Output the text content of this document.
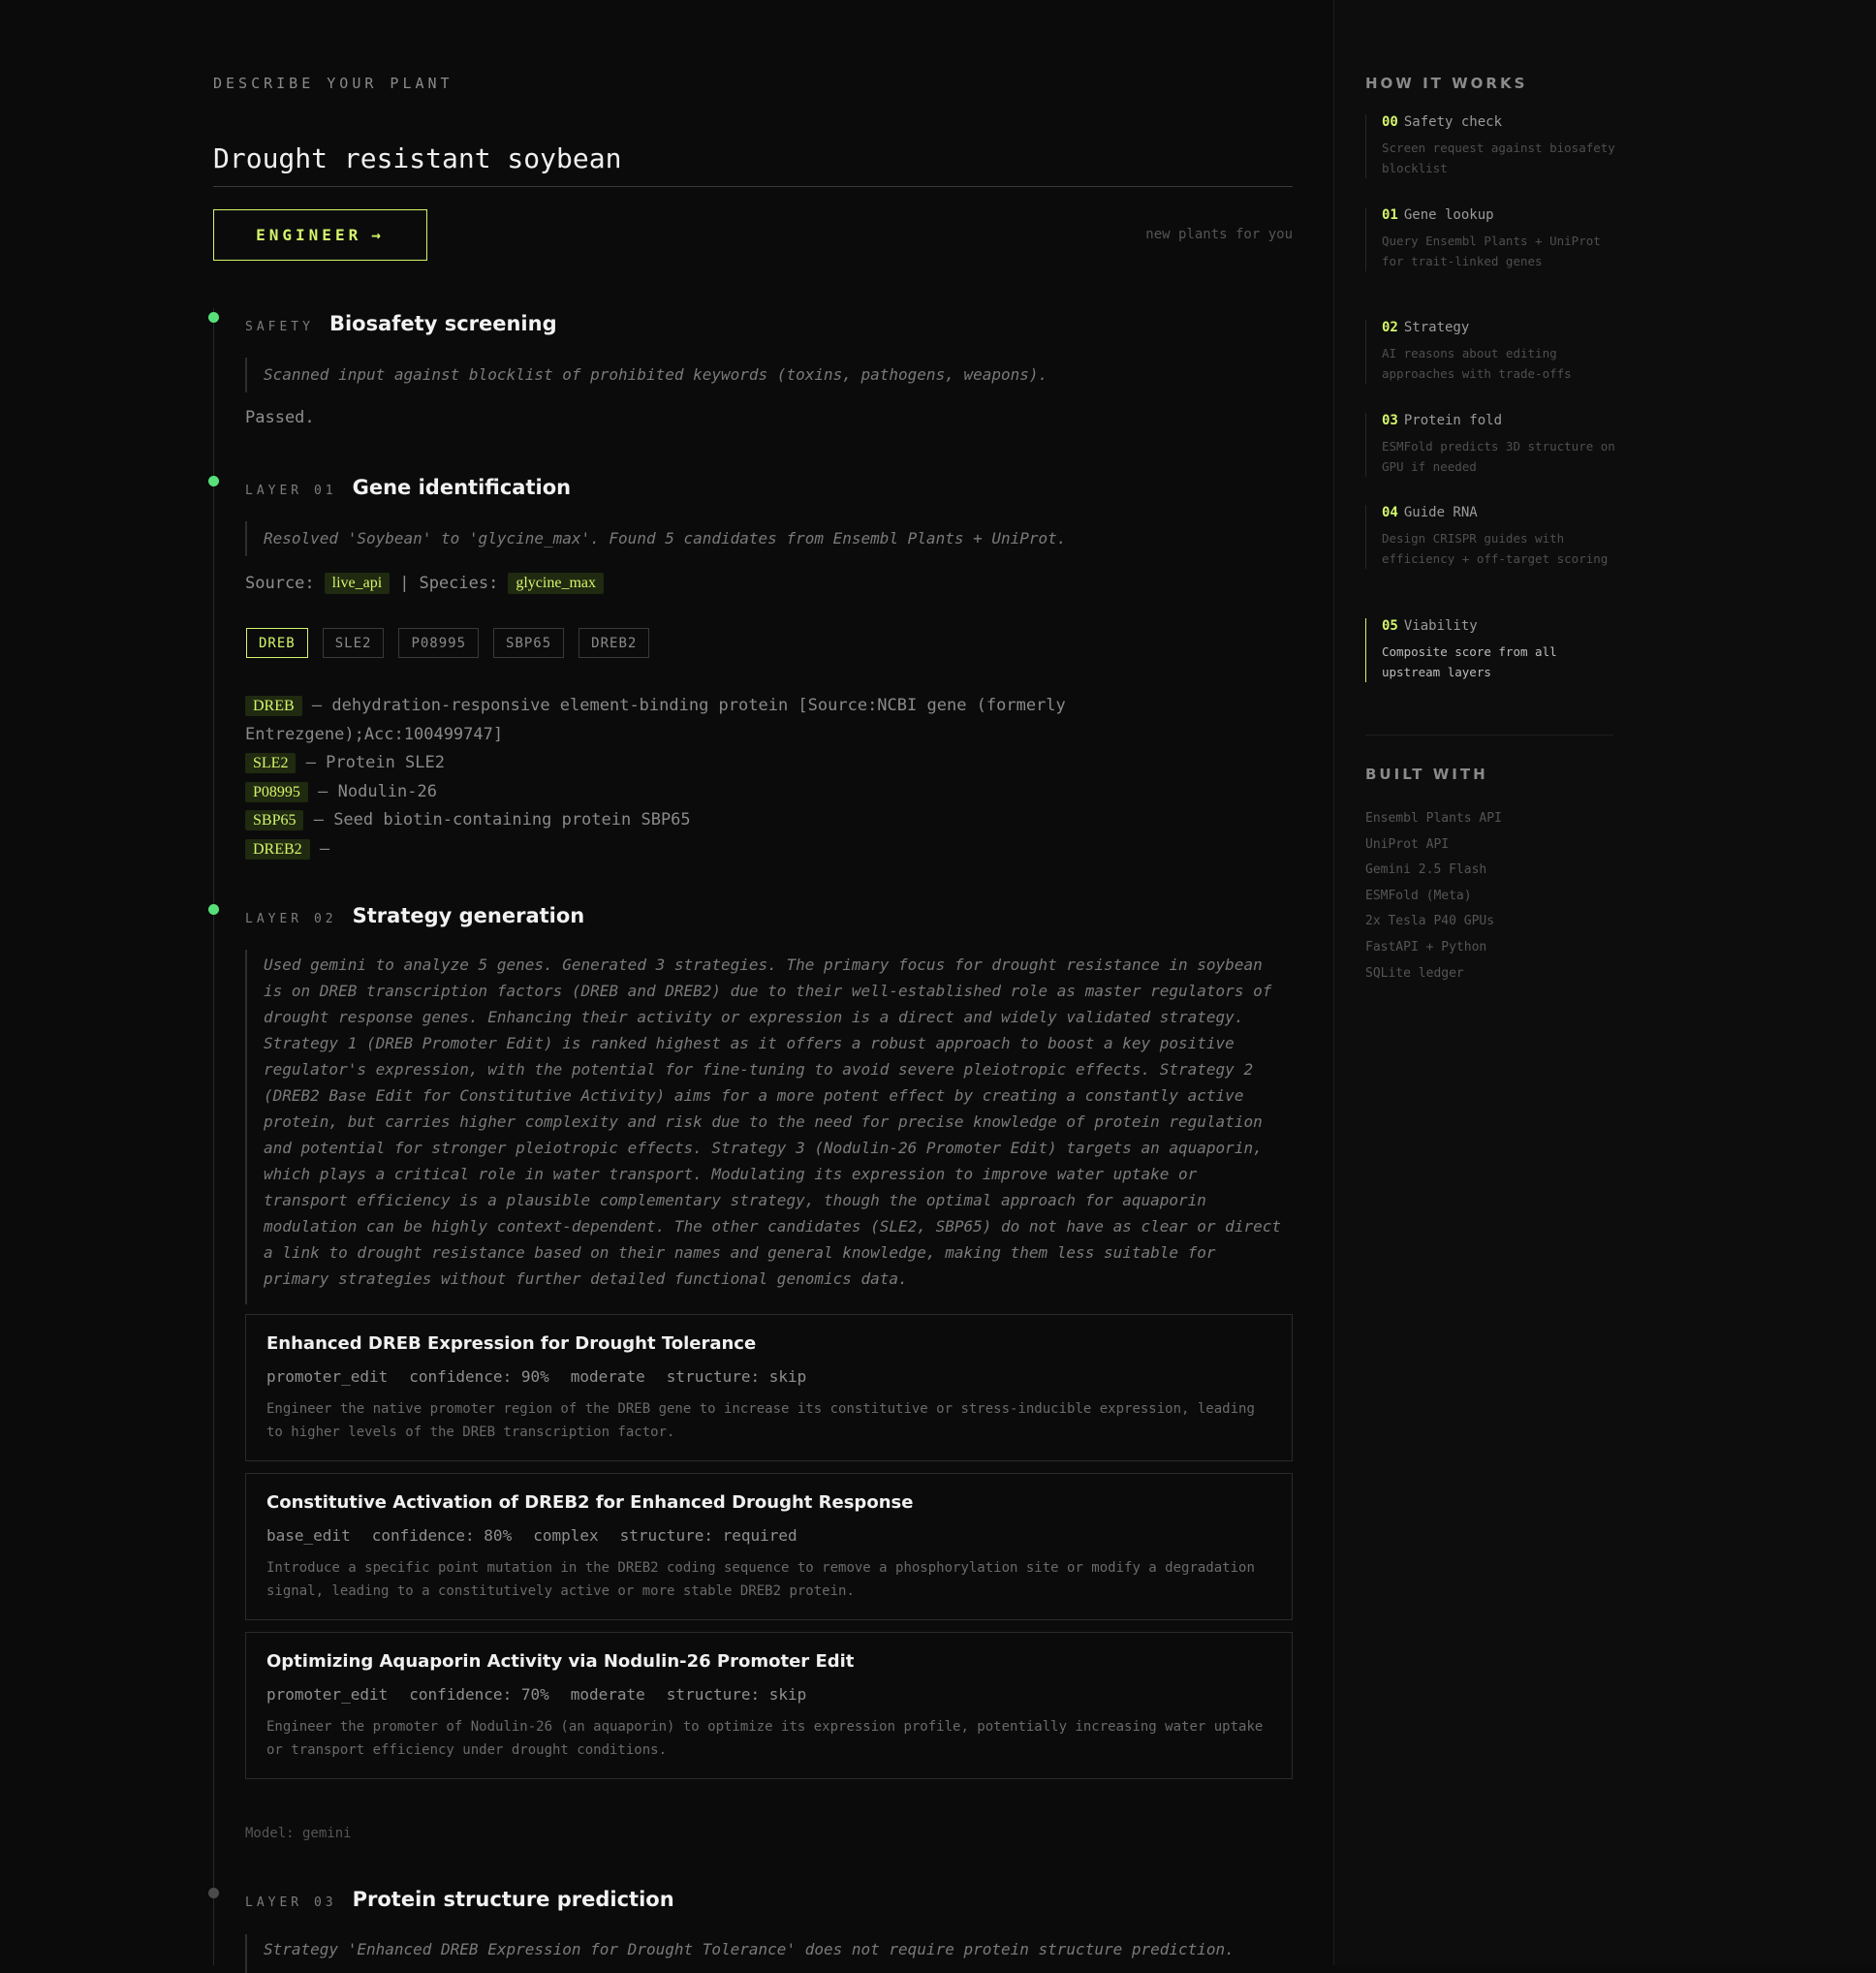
DESCRIBE YOUR PLANT
Drought resistant soybean
ENGINEER →	new plants for you
SAFETY Biosafety screening
Scanned input against blocklist of prohibited keywords (toxins, pathogens, weapons).
Passed.
LAYER 01 Gene identification
Resolved 'Soybean' to 'glycine_max'. Found 5 candidates from Ensembl Plants + UniProt.
Source:	live_api	| Species:	glycine_max
DREB	SLE2	P08995	SBP65	DREB2
DREB — dehydration-responsive element-binding protein [Source:NCBI gene (formerly Entrezgene);Acc:100499747]
SLE2 — Protein SLE2
P08995 — Nodulin-26
SBP65 — Seed biotin-containing protein SBP65
DREB2 —
LAYER 02 Strategy generation
Used gemini to analyze 5 genes. Generated 3 strategies. The primary focus for drought resistance in soybean is on DREB transcription factors (DREB and DREB2) due to their well-established role as master regulators of drought response genes. Enhancing their activity or expression is a direct and widely validated strategy. Strategy 1 (DREB Promoter Edit) is ranked highest as it offers a robust approach to boost a key positive regulator's expression, with the potential for fine-tuning to avoid severe pleiotropic effects. Strategy 2 (DREB2 Base Edit for Constitutive Activity) aims for a more potent effect by creating a constantly active protein, but carries higher complexity and risk due to the need for precise knowledge of protein regulation and potential for stronger pleiotropic effects. Strategy 3 (Nodulin-26 Promoter Edit) targets an aquaporin, which plays a critical role in water transport. Modulating its expression to improve water uptake or transport efficiency is a plausible complementary strategy, though the optimal approach for aquaporin modulation can be highly context-dependent. The other candidates (SLE2, SBP65) do not have as clear or direct a link to drought resistance based on their names and general knowledge, making them less suitable for primary strategies without further detailed functional genomics data.
Enhanced DREB Expression for Drought Tolerance
promoter_edit confidence: 90% moderate structure: skip
Engineer the native promoter region of the DREB gene to increase its constitutive or stress-inducible expression, leading to higher levels of the DREB transcription factor.
Constitutive Activation of DREB2 for Enhanced Drought Response
base_edit confidence: 80% complex structure: required
Introduce a specific point mutation in the DREB2 coding sequence to remove a phosphorylation site or modify a degradation signal, leading to a constitutively active or more stable DREB2 protein.
Optimizing Aquaporin Activity via Nodulin-26 Promoter Edit
promoter_edit confidence: 70% moderate structure: skip
Engineer the promoter of Nodulin-26 (an aquaporin) to optimize its expression profile, potentially increasing water uptake or transport efficiency under drought conditions.
Model: gemini
LAYER 03 Protein structure prediction
Strategy 'Enhanced DREB Expression for Drought Tolerance' does not require protein structure prediction.
HOW IT WORKS
00 Safety check
Screen request against biosafety blocklist
01 Gene lookup
Query Ensembl Plants + UniProt for trait-linked genes
02 Strategy
AI reasons about editing approaches with trade-offs
03 Protein fold
ESMFold predicts 3D structure on GPU if needed
04 Guide RNA
Design CRISPR guides with efficiency + off-target scoring
05 Viability
Composite score from all upstream layers
BUILT WITH
Ensembl Plants API
UniProt API
Gemini 2.5 Flash
ESMFold (Meta)
2x Tesla P40 GPUs
FastAPI + Python
SQLite ledger
